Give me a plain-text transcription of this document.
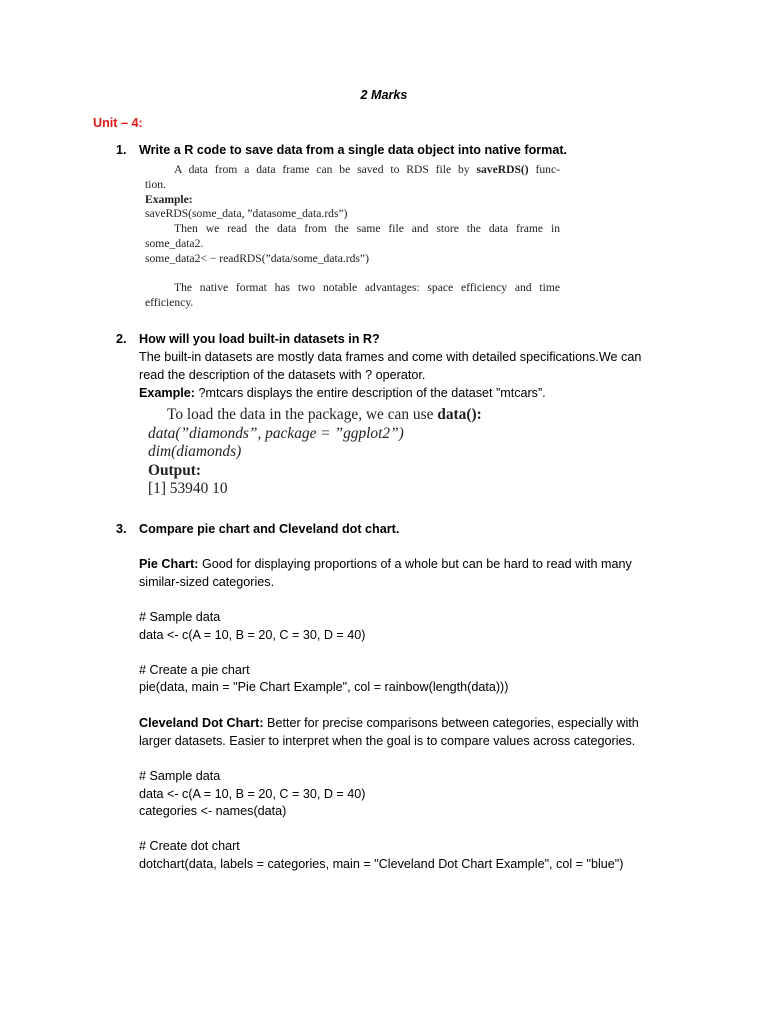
2 Marks
Unit – 4:
1. Write a R code to save data from a single data object into native format.
A data from a data frame can be saved to RDS file by saveRDS() func-
tion.
Example:
saveRDS(some_data, ”datasome_data.rds”)
Then we read the data from the same file and store the data frame in
some_data2.
some_data2< − readRDS(”data/some_data.rds”)
The native format has two notable advantages: space efficiency and time
efficiency.
2. How will you load built-in datasets in R?
The built-in datasets are mostly data frames and come with detailed specifications.We can
read the description of the datasets with ? operator.
Example: ?mtcars displays the entire description of the dataset ”mtcars”.
To load the data in the package, we can use data():
data(”diamonds”, package = ”ggplot2”)
dim(diamonds)
Output:
[1] 53940 10
3. Compare pie chart and Cleveland dot chart.
Pie Chart: Good for displaying proportions of a whole but can be hard to read with many
similar-sized categories.
# Sample data
data <- c(A = 10, B = 20, C = 30, D = 40)
# Create a pie chart
pie(data, main = "Pie Chart Example", col = rainbow(length(data)))
Cleveland Dot Chart: Better for precise comparisons between categories, especially with
larger datasets. Easier to interpret when the goal is to compare values across categories.
# Sample data
data <- c(A = 10, B = 20, C = 30, D = 40)
categories <- names(data)
# Create dot chart
dotchart(data, labels = categories, main = "Cleveland Dot Chart Example", col = "blue")
